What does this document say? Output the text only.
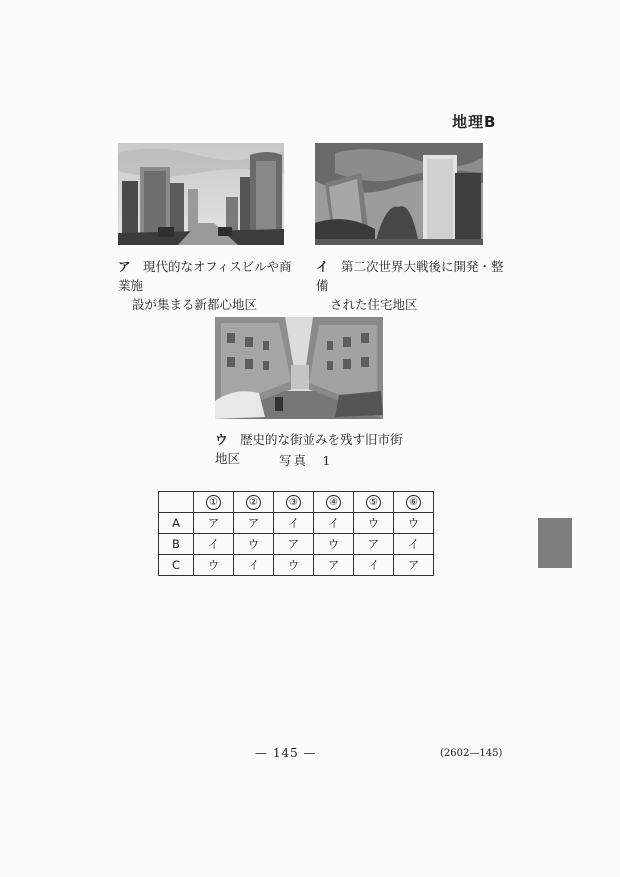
地理B
ア　 現代的なオフィスビルや商業施
設が集まる新都心地区
イ　 第二次世界大戦後に開発・整備
された住宅地区
ウ　 歴史的な街並みを残す旧市街地区	写真　1
	①	②	③	④	⑤	⑥
A	ア	ア	イ	イ	ウ	ウ
B	イ	ウ	ア	ウ	ア	イ
C	ウ	イ	ウ	ア	イ	ア
— 145 —	(2602—145)
